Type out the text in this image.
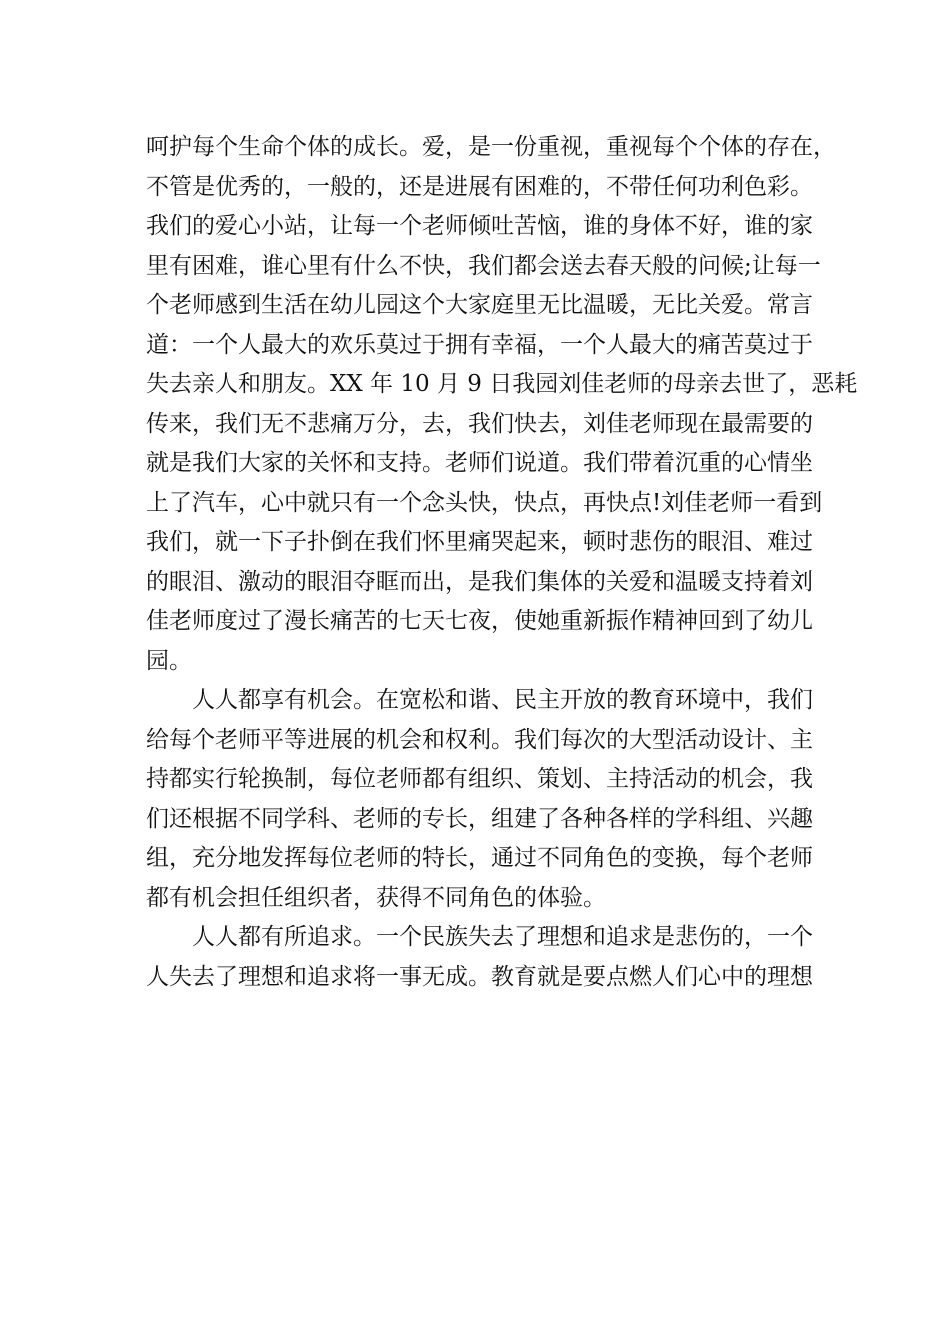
呵护每个生命个体的成长。爱，是一份重视，重视每个个体的存在，
不管是优秀的，一般的，还是进展有困难的，不带任何功利色彩。
我们的爱心小站，让每一个老师倾吐苦恼，谁的身体不好，谁的家
里有困难，谁心里有什么不快，我们都会送去春天般的问候;让每一
个老师感到生活在幼儿园这个大家庭里无比温暖，无比关爱。常言
道：一个人最大的欢乐莫过于拥有幸福，一个人最大的痛苦莫过于
失去亲人和朋友。XX 年 10 月 9 日我园刘佳老师的母亲去世了，恶耗
传来，我们无不悲痛万分，去，我们快去，刘佳老师现在最需要的
就是我们大家的关怀和支持。老师们说道。我们带着沉重的心情坐
上了汽车，心中就只有一个念头快，快点，再快点!刘佳老师一看到
我们，就一下子扑倒在我们怀里痛哭起来，顿时悲伤的眼泪、难过
的眼泪、激动的眼泪夺眶而出，是我们集体的关爱和温暖支持着刘
佳老师度过了漫长痛苦的七天七夜，使她重新振作精神回到了幼儿
园。
人人都享有机会。在宽松和谐、民主开放的教育环境中，我们
给每个老师平等进展的机会和权利。我们每次的大型活动设计、主
持都实行轮换制，每位老师都有组织、策划、主持活动的机会，我
们还根据不同学科、老师的专长，组建了各种各样的学科组、兴趣
组，充分地发挥每位老师的特长，通过不同角色的变换，每个老师
都有机会担任组织者，获得不同角色的体验。
人人都有所追求。一个民族失去了理想和追求是悲伤的，一个
人失去了理想和追求将一事无成。教育就是要点燃人们心中的理想
